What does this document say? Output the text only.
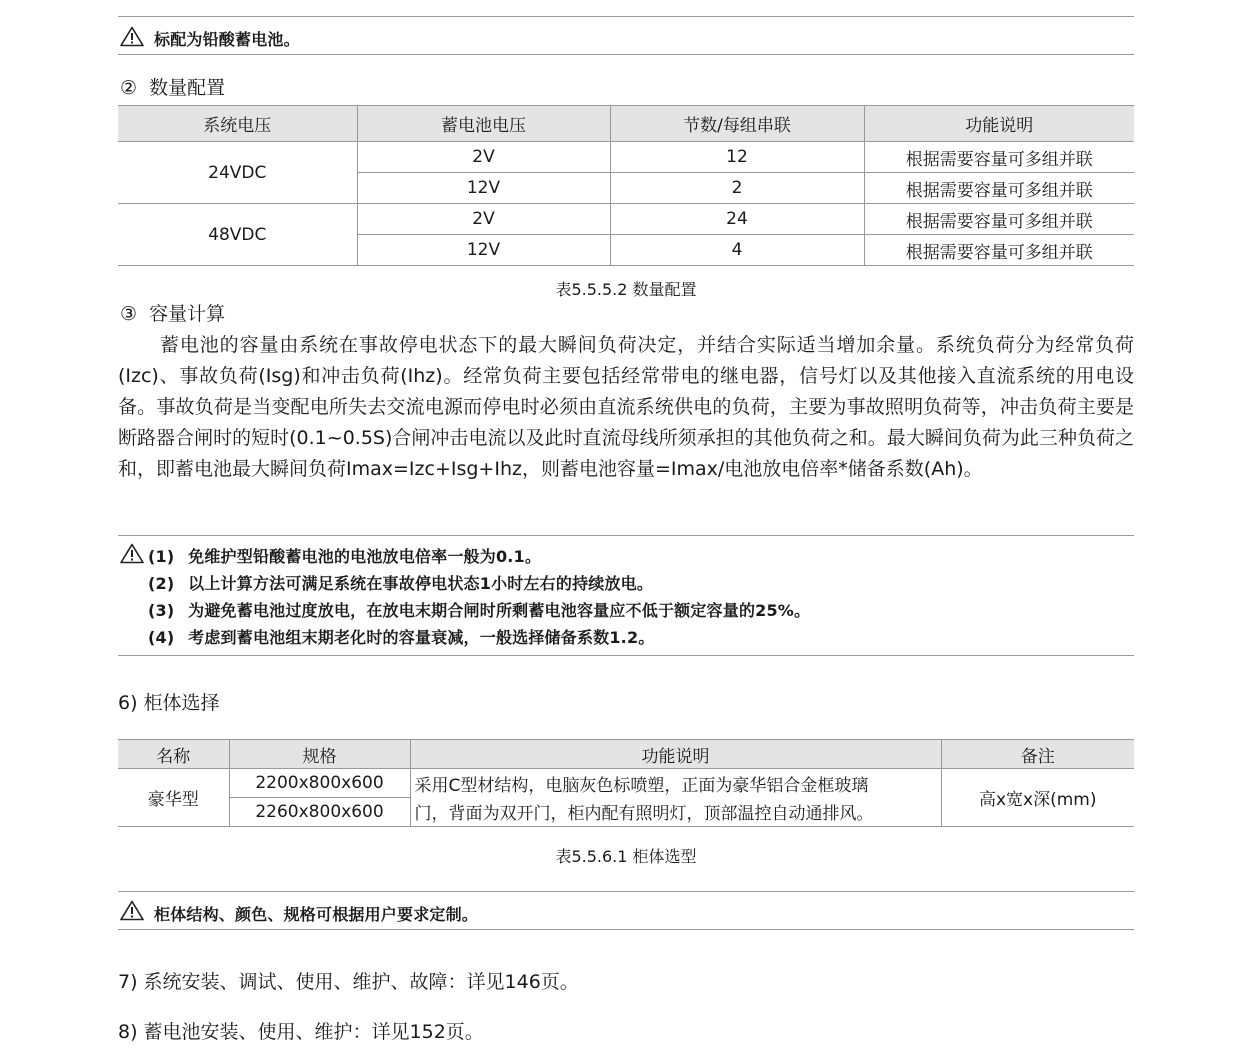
标配为铅酸蓄电池。
② 数量配置
系统电压	蓄电池电压	节数/每组串联	功能说明
24VDC	2V	12	根据需要容量可多组并联
	12V	2	根据需要容量可多组并联
48VDC	2V	24	根据需要容量可多组并联
	12V	4	根据需要容量可多组并联
表5.5.5.2 数量配置
③ 容量计算

蓄电池的容量由系统在事故停电状态下的最大瞬间负荷决定，并结合实际适当增加余量。系统负荷分为经常负荷(Izc)、事故负荷(Isg)和冲击负荷(Ihz)。经常负荷主要包括经常带电的继电器，信号灯以及其他接入直流系统的用电设备。事故负荷是当变配电所失去交流电源而停电时必须由直流系统供电的负荷，主要为事故照明负荷等，冲击负荷主要是断路器合闸时的短时(0.1~0.5S)合闸冲击电流以及此时直流母线所须承担的其他负荷之和。最大瞬间负荷为此三种负荷之和，即蓄电池最大瞬间负荷Imax=Izc+Isg+Ihz，则蓄电池容量=Imax/电池放电倍率*储备系数(Ah)。

(1) 免维护型铅酸蓄电池的电池放电倍率一般为0.1。
(2) 以上计算方法可满足系统在事故停电状态1小时左右的持续放电。
(3) 为避免蓄电池过度放电，在放电末期合闸时所剩蓄电池容量应不低于额定容量的25%。
(4) 考虑到蓄电池组末期老化时的容量衰减，一般选择储备系数1.2。
6) 柜体选择
名称	规格	功能说明	备注
豪华型	2200x800x600	采用C型材结构，电脑灰色标喷塑，正面为豪华铝合金框玻璃	高x宽x深(mm)
	2260x800x600	门，背面为双开门，柜内配有照明灯，顶部温控自动通排风。	
表5.5.6.1 柜体选型
柜体结构、颜色、规格可根据用户要求定制。
7) 系统安装、调试、使用、维护、故障：详见146页。
8) 蓄电池安装、使用、维护：详见152页。
